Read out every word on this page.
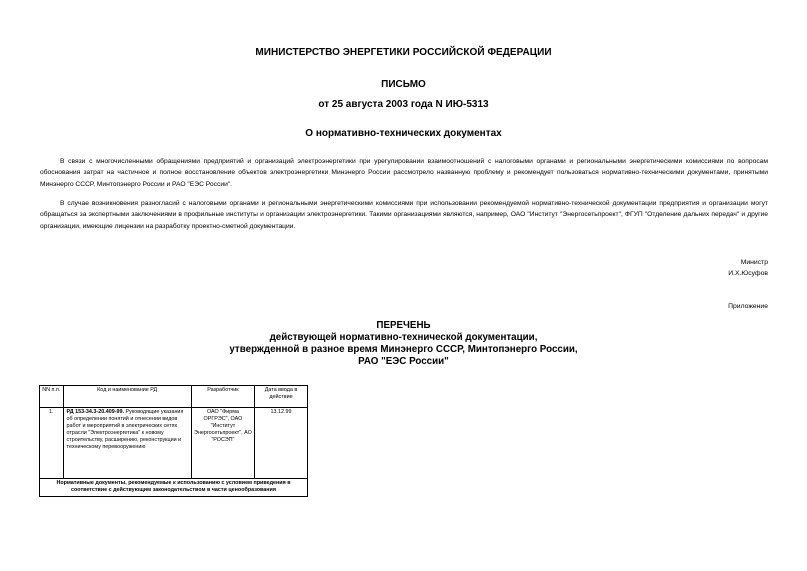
МИНИСТЕРСТВО ЭНЕРГЕТИКИ РОССИЙСКОЙ ФЕДЕРАЦИИ
ПИСЬМО
от 25 августа 2003 года N ИЮ-5313
О нормативно-технических документах
В связи с многочисленными обращениями предприятий и организаций электроэнергетики при урегулировании взаимоотношений с налоговыми органами и региональными энергетическими комиссиями по вопросам обоснования затрат на частичное и полное восстановление объектов электроэнергетики Минэнерго России рассмотрело названную проблему и рекомендует пользоваться нормативно-техническими документами, принятыми Минэнерго СССР, Минтопэнерго России и РАО "ЕЭС России".
В случае возникновения разногласий с налоговыми органами и региональными энергетическими комиссиями при использовании рекомендуемой нормативно-технической документации предприятия и организации могут обращаться за экспертными заключениями в профильные институты и организации электроэнергетики. Такими организациями являются, например, ОАО "Институт "Энергосетьпроект", ФГУП "Отделение дальних передач" и другие организации, имеющие лицензии на разработку проектно-сметной документации.
Министр
И.Х.Юсуфов
Приложение
ПЕРЕЧЕНЬ
действующей нормативно-технической документации,
утвержденной в разное время Минэнерго СССР, Минтопэнерго России,
РАО "ЕЭС России"
NN п.п.	Код и наименование РД	Разработчик	Дата ввода в действие
1.	РД 153-34.3-20.409-99. Руководящие указания об определении понятий и отнесении видов работ и мероприятий в электрических сетях отрасли "Электроэнергетика" к новому строительству, расширению, реконструкции и техническому перевооружению	ОАО "Фирма ОРГРЭС", ОАО "Институт Энергосетьпроект", АО "РОСЭП"	13.12.99
Нормативные документы, рекомендуемые к использованию с условием приведения в соответствие с действующим законодательством в части ценообразования			
